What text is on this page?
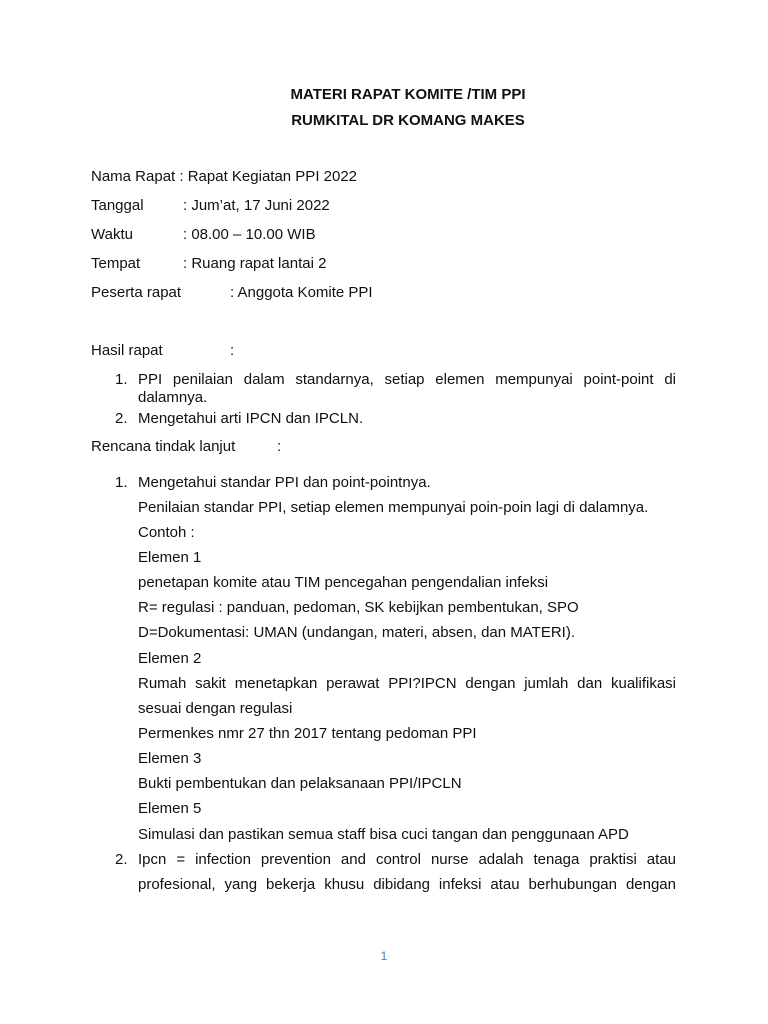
MATERI RAPAT KOMITE /TIM PPI
RUMKITAL DR KOMANG MAKES
Nama Rapat : Rapat Kegiatan PPI 2022
Tanggal	: Jum’at, 17 Juni 2022
Waktu	: 08.00 – 10.00 WIB
Tempat	: Ruang rapat lantai 2
Peserta rapat	: Anggota Komite PPI
Hasil rapat	:
1. PPI penilaian dalam standarnya, setiap elemen mempunyai point-point di
dalamnya.
2. Mengetahui arti IPCN dan IPCLN.
Rencana tindak lanjut	:
1. Mengetahui standar PPI dan point-pointnya.
Penilaian standar PPI, setiap elemen mempunyai poin-poin lagi di dalamnya.
Contoh :
Elemen 1
penetapan komite atau TIM pencegahan pengendalian infeksi
R= regulasi : panduan, pedoman, SK kebijkan pembentukan, SPO
D=Dokumentasi: UMAN (undangan, materi, absen, dan MATERI).
Elemen 2
Rumah sakit menetapkan perawat PPI?IPCN dengan jumlah dan kualifikasi
sesuai dengan regulasi
Permenkes nmr 27 thn 2017 tentang pedoman PPI
Elemen 3
Bukti pembentukan dan pelaksanaan PPI/IPCLN
Elemen 5
Simulasi dan pastikan semua staff bisa cuci tangan dan penggunaan APD
2. Ipcn = infection prevention and control nurse adalah tenaga praktisi atau
profesional, yang bekerja khusu dibidang infeksi atau berhubungan dengan
1
